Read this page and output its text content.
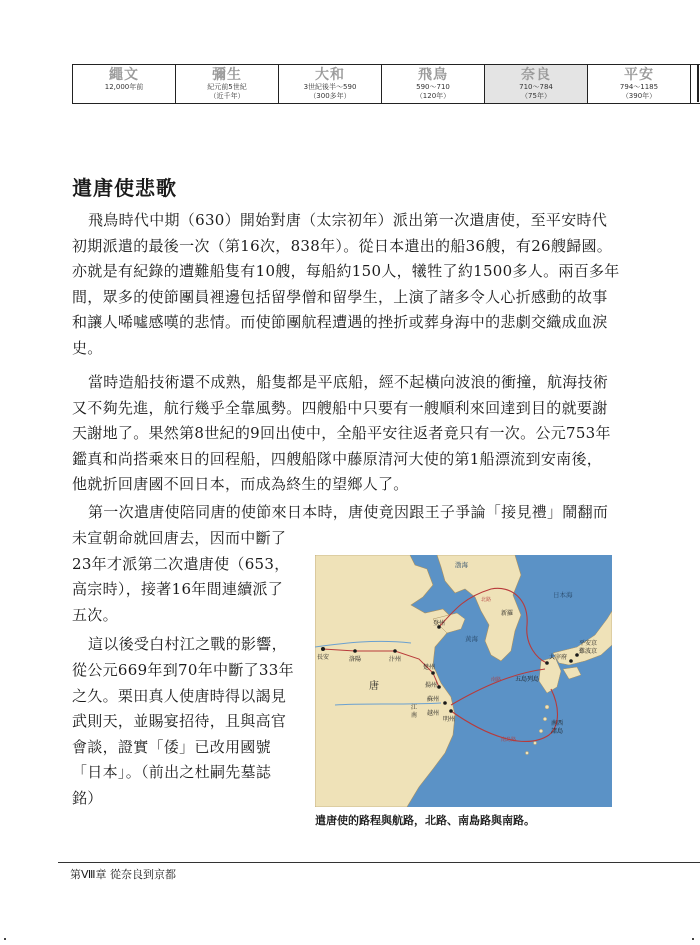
繩文
12,000年前
彌生
紀元前5世紀
（近千年）
大和
3世紀後半～590
（300多年）
飛鳥
590～710
（120年）
奈良
710～784
（75年）
平安
794～1185
（390年）
遣唐使悲歌

飛鳥時代中期（630）開始對唐（太宗初年）派出第一次遣唐使，至平安時代
初期派遣的最後一次（第16次，838年）。從日本遣出的船36艘，有26艘歸國。
亦就是有紀錄的遭難船隻有10艘，每船約150人，犧牲了約1500多人。兩百多年
間，眾多的使節團員裡邊包括留學僧和留學生，上演了諸多令人心折感動的故事
和讓人唏噓感嘆的悲情。而使節團航程遭遇的挫折或葬身海中的悲劇交織成血淚
史。

當時造船技術還不成熟，船隻都是平底船，經不起橫向波浪的衝撞，航海技術
又不夠先進，航行幾乎全靠風勢。四艘船中只要有一艘順利來回達到目的就要謝
天謝地了。果然第8世紀的9回出使中，全船平安往返者竟只有一次。公元753年
鑑真和尚搭乘來日的回程船，四艘船隊中藤原清河大使的第1船漂流到安南後，
他就折回唐國不回日本，而成為終生的望鄉人了。

第一次遣唐使陪同唐的使節來日本時，唐使竟因跟王子爭論「接見禮」鬧翻而

未宣朝命就回唐去，因而中斷了
23年才派第二次遣唐使（653，
高宗時），接著16年間連續派了
五次。
這以後受白村江之戰的影響，
從公元669年到70年中斷了33年
之久。栗田真人使唐時得以謁見
武則天，並賜宴招待，且與高官
會談，證實「倭」已改用國號
「日本」。（前出之杜嗣先墓誌
銘）
渤海
日本海
黃海
新羅
唐
長安	洛陽	汴州
登州
楚州
揚州
蘇州
江
南 越州
明州
大宰府
五島列島
平安京
難波京
南西
諸島
北路
南路
南島路
遣唐使的路程與航路，北路、南島路與南路。
第Ⅷ章 從奈良到京都
